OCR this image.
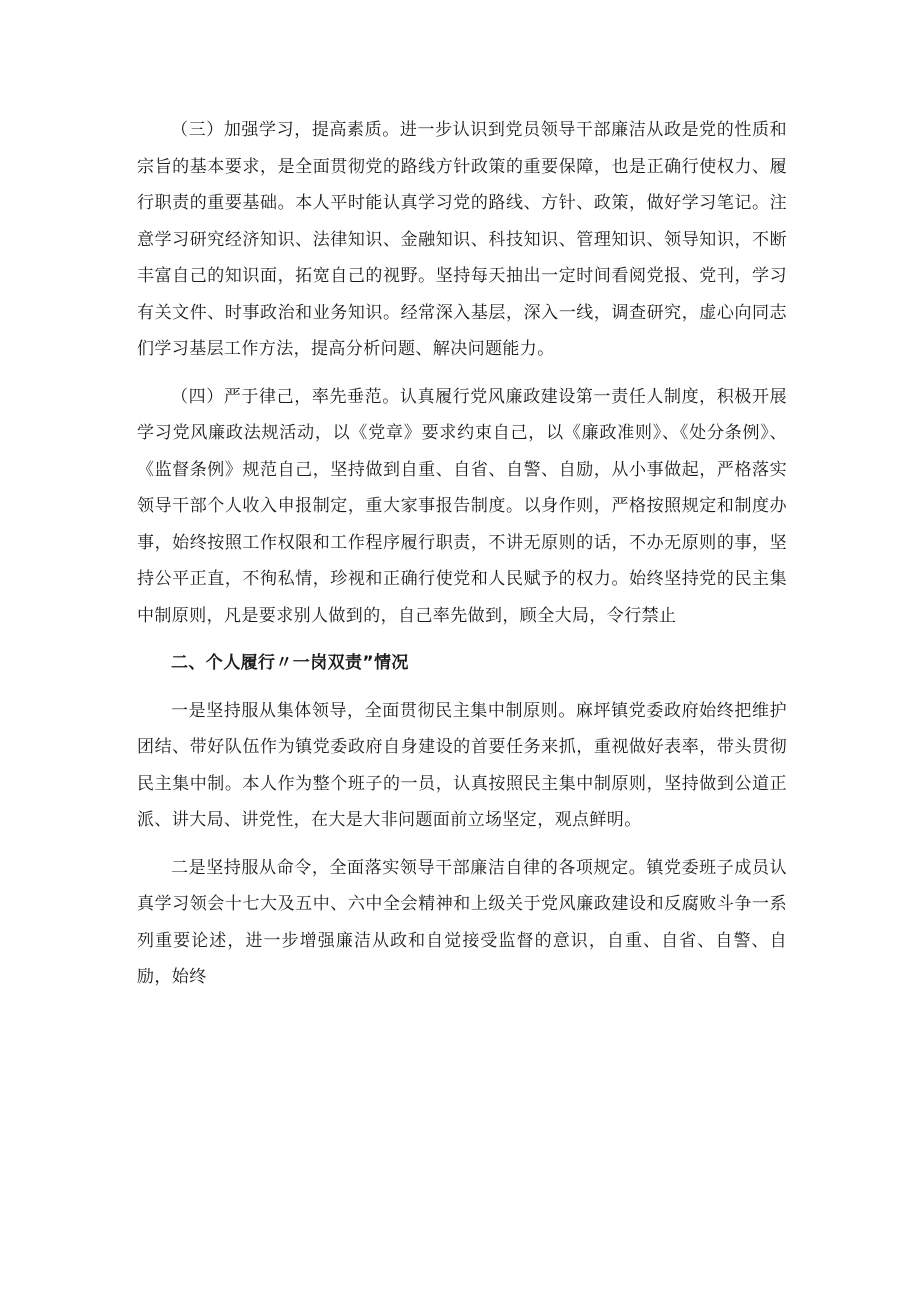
（三）加强学习，提高素质。进一步认识到党员领导干部廉洁从政是党的性质和宗旨的基本要求，是全面贯彻党的路线方针政策的重要保障，也是正确行使权力、履行职责的重要基础。本人平时能认真学习党的路线、方针、政策，做好学习笔记。注意学习研究经济知识、法律知识、金融知识、科技知识、管理知识、领导知识，不断丰富自己的知识面，拓宽自己的视野。坚持每天抽出一定时间看阅党报、党刊，学习有关文件、时事政治和业务知识。经常深入基层，深入一线，调查研究，虚心向同志们学习基层工作方法，提高分析问题、解决问题能力。

（四）严于律己，率先垂范。认真履行党风廉政建设第一责任人制度，积极开展学习党风廉政法规活动，以《党章》要求约束自己，以《廉政准则》、《处分条例》、《监督条例》规范自己，坚持做到自重、自省、自警、自励，从小事做起，严格落实领导干部个人收入申报制定，重大家事报告制度。以身作则，严格按照规定和制度办事，始终按照工作权限和工作程序履行职责，不讲无原则的话，不办无原则的事，坚持公平正直，不徇私情，珍视和正确行使党和人民赋予的权力。始终坚持党的民主集中制原则，凡是要求别人做到的，自己率先做到，顾全大局，令行禁止

二、个人履行〃一岗双责”情况

一是坚持服从集体领导，全面贯彻民主集中制原则。麻坪镇党委政府始终把维护团结、带好队伍作为镇党委政府自身建设的首要任务来抓，重视做好表率，带头贯彻民主集中制。本人作为整个班子的一员，认真按照民主集中制原则，坚持做到公道正派、讲大局、讲党性，在大是大非问题面前立场坚定，观点鲜明。

二是坚持服从命令，全面落实领导干部廉洁自律的各项规定。镇党委班子成员认真学习领会十七大及五中、六中全会精神和上级关于党风廉政建设和反腐败斗争一系列重要论述，进一步增强廉洁从政和自觉接受监督的意识，自重、自省、自警、自励，始终
